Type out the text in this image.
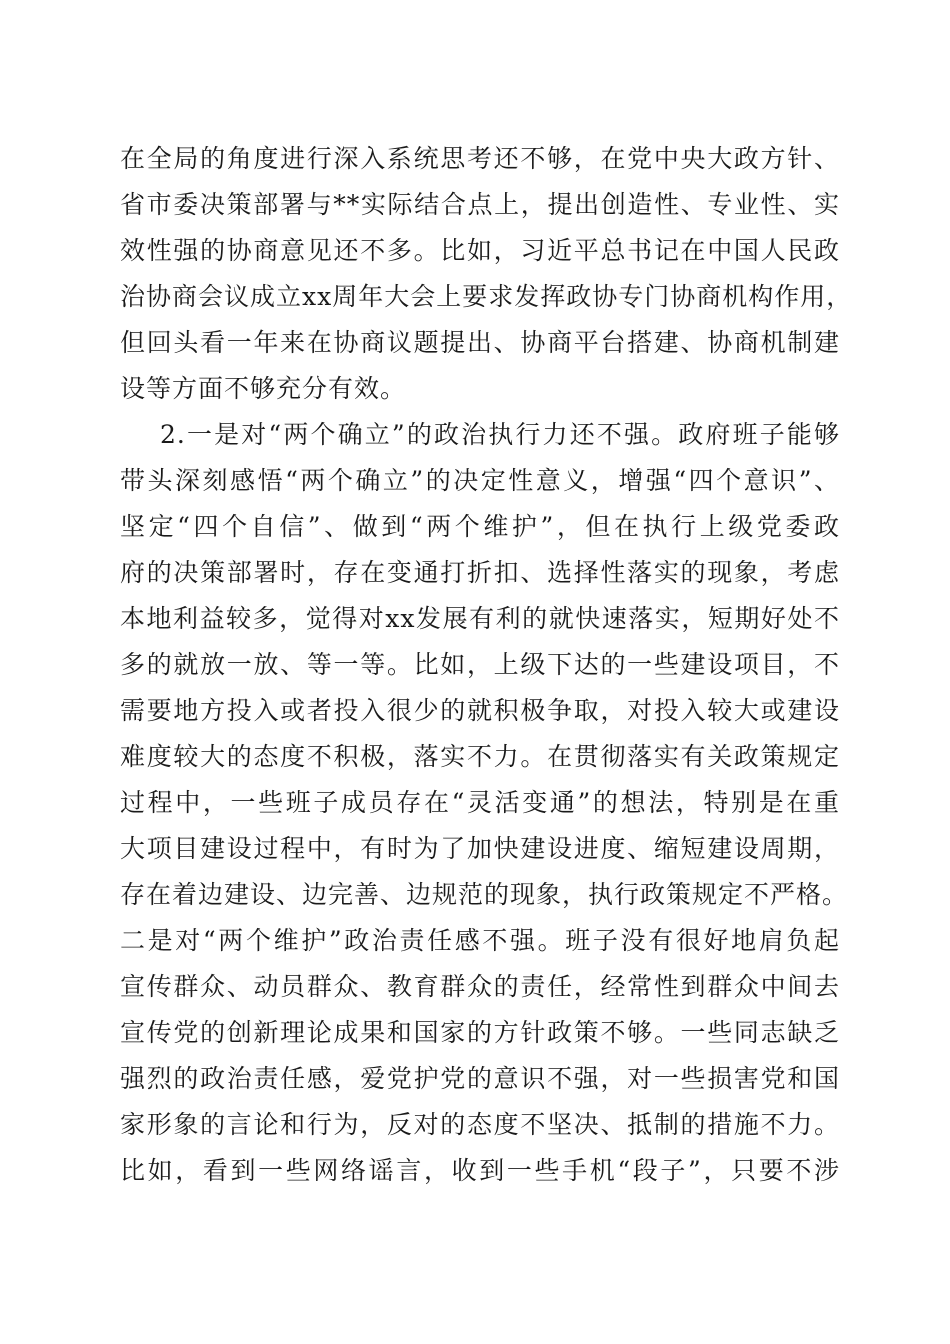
在全局的角度进行深入系统思考还不够，在党中央大政方针、
省市委决策部署与**实际结合点上，提出创造性、专业性、实
效性强的协商意见还不多。比如，习近平总书记在中国人民政
治协商会议成立xx周年大会上要求发挥政协专门协商机构作用，
但回头看一年来在协商议题提出、协商平台搭建、协商机制建
设等方面不够充分有效。
2.一是对“两个确立”的政治执行力还不强。政府班子能够
带头深刻感悟“两个确立”的决定性意义，增强“四个意识”、
坚定“四个自信”、做到“两个维护”，但在执行上级党委政
府的决策部署时，存在变通打折扣、选择性落实的现象，考虑
本地利益较多，觉得对xx发展有利的就快速落实，短期好处不
多的就放一放、等一等。比如，上级下达的一些建设项目，不
需要地方投入或者投入很少的就积极争取，对投入较大或建设
难度较大的态度不积极，落实不力。在贯彻落实有关政策规定
过程中，一些班子成员存在“灵活变通”的想法，特别是在重
大项目建设过程中，有时为了加快建设进度、缩短建设周期，
存在着边建设、边完善、边规范的现象，执行政策规定不严格。
二是对“两个维护”政治责任感不强。班子没有很好地肩负起
宣传群众、动员群众、教育群众的责任，经常性到群众中间去
宣传党的创新理论成果和国家的方针政策不够。一些同志缺乏
强烈的政治责任感，爱党护党的意识不强，对一些损害党和国
家形象的言论和行为，反对的态度不坚决、抵制的措施不力。
比如，看到一些网络谣言，收到一些手机“段子”，只要不涉
